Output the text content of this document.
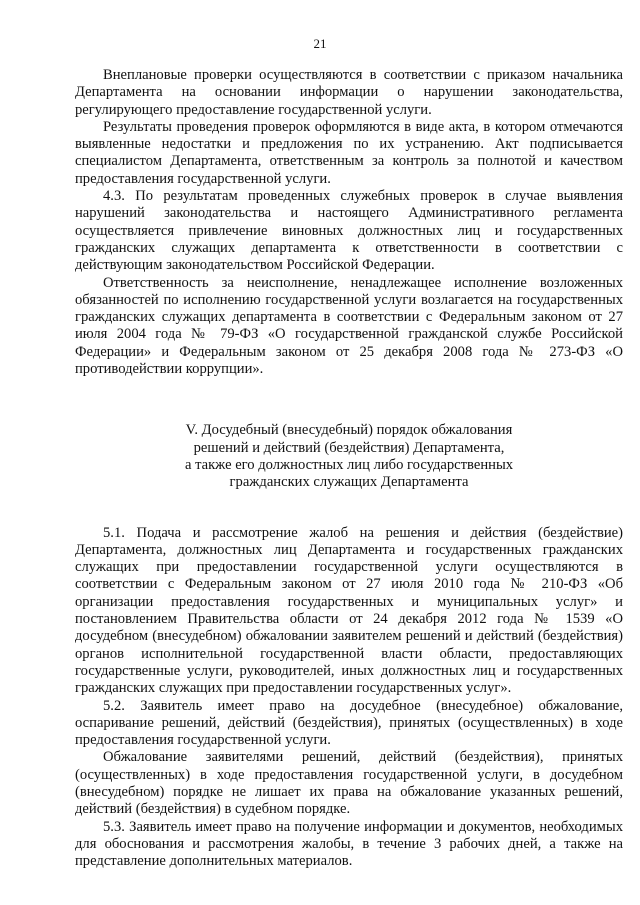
21

Внеплановые проверки осуществляются в соответствии с приказом начальника Департамента на основании информации о нарушении законодательства, регулирующего предоставление государственной услуги.

Результаты проведения проверок оформляются в виде акта, в котором отмечаются выявленные недостатки и предложения по их устранению. Акт подписывается специалистом Департамента, ответственным за контроль за полнотой и качеством предоставления государственной услуги.

4.3. По результатам проведенных служебных проверок в случае выявления нарушений законодательства и настоящего Административного регламента осуществляется привлечение виновных должностных лиц и государственных гражданских служащих департамента к ответственности в соответствии с действующим законодательством Российской Федерации.

Ответственность за неисполнение, ненадлежащее исполнение возложенных обязанностей по исполнению государственной услуги возлагается на государственных гражданских служащих департамента в соответствии с Федеральным законом от 27 июля 2004 года № 79-ФЗ «О государственной гражданской службе Российской Федерации» и Федеральным законом от 25 декабря 2008 года № 273-ФЗ «О противодействии коррупции».

V. Досудебный (внесудебный) порядок обжалования
решений и действий (бездействия) Департамента,
а также его должностных лиц либо государственных
гражданских служащих Департамента

5.1. Подача и рассмотрение жалоб на решения и действия (бездействие) Департамента, должностных лиц Департамента и государственных гражданских служащих при предоставлении государственной услуги осуществляются в соответствии с Федеральным законом от 27 июля 2010 года № 210-ФЗ «Об организации предоставления государственных и муниципальных услуг» и постановлением Правительства области от 24 декабря 2012 года № 1539 «О досудебном (внесудебном) обжаловании заявителем решений и действий (бездействия) органов исполнительной государственной власти области, предоставляющих государственные услуги, руководителей, иных должностных лиц и государственных гражданских служащих при предоставлении государственных услуг».

5.2. Заявитель имеет право на досудебное (внесудебное) обжалование, оспаривание решений, действий (бездействия), принятых (осуществленных) в ходе предоставления государственной услуги.

Обжалование заявителями решений, действий (бездействия), принятых (осуществленных) в ходе предоставления государственной услуги, в досудебном (внесудебном) порядке не лишает их права на обжалование указанных решений, действий (бездействия) в судебном порядке.

5.3. Заявитель имеет право на получение информации и документов, необходимых для обоснования и рассмотрения жалобы, в течение 3 рабочих дней, а также на представление дополнительных материалов.
